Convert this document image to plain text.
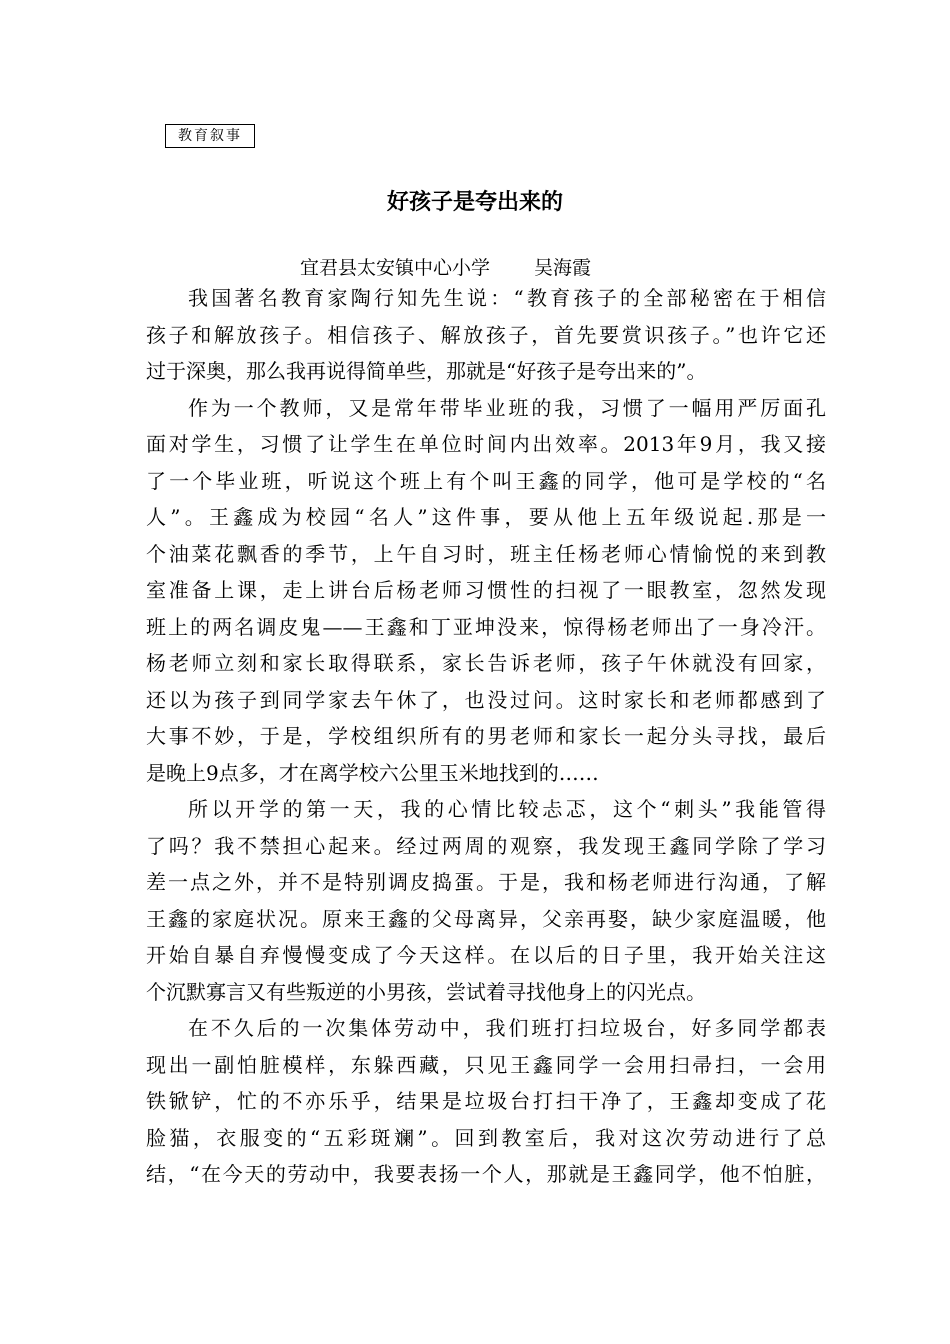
教育叙事
好孩子是夸出来的
宜君县太安镇中心小学 吴海霞
我国著名教育家陶行知先生说：“教育孩子的全部秘密在于相信
孩子和解放孩子。相信孩子、解放孩子，首先要赏识孩子。”也许它还
过于深奥，那么我再说得简单些，那就是“好孩子是夸出来的”。
作为一个教师，又是常年带毕业班的我，习惯了一幅用严厉面孔
面对学生，习惯了让学生在单位时间内出效率。2013年9月，我又接
了一个毕业班，听说这个班上有个叫王鑫的同学，他可是学校的“名
人”。王鑫成为校园“名人”这件事，要从他上五年级说起.那是一
个油菜花飘香的季节，上午自习时，班主任杨老师心情愉悦的来到教
室准备上课，走上讲台后杨老师习惯性的扫视了一眼教室，忽然发现
班上的两名调皮鬼——王鑫和丁亚坤没来，惊得杨老师出了一身冷汗。
杨老师立刻和家长取得联系，家长告诉老师，孩子午休就没有回家，
还以为孩子到同学家去午休了，也没过问。这时家长和老师都感到了
大事不妙，于是，学校组织所有的男老师和家长一起分头寻找，最后
是晚上9点多，才在离学校六公里玉米地找到的……
所以开学的第一天，我的心情比较忐忑，这个“刺头”我能管得
了吗？我不禁担心起来。经过两周的观察，我发现王鑫同学除了学习
差一点之外，并不是特别调皮捣蛋。于是，我和杨老师进行沟通，了解
王鑫的家庭状况。原来王鑫的父母离异，父亲再娶，缺少家庭温暖，他
开始自暴自弃慢慢变成了今天这样。在以后的日子里，我开始关注这
个沉默寡言又有些叛逆的小男孩，尝试着寻找他身上的闪光点。
在不久后的一次集体劳动中，我们班打扫垃圾台，好多同学都表
现出一副怕脏模样，东躲西藏，只见王鑫同学一会用扫帚扫，一会用
铁锨铲，忙的不亦乐乎，结果是垃圾台打扫干净了，王鑫却变成了花
脸猫，衣服变的“五彩斑斓”。回到教室后，我对这次劳动进行了总
结，“在今天的劳动中，我要表扬一个人，那就是王鑫同学，他不怕脏，
